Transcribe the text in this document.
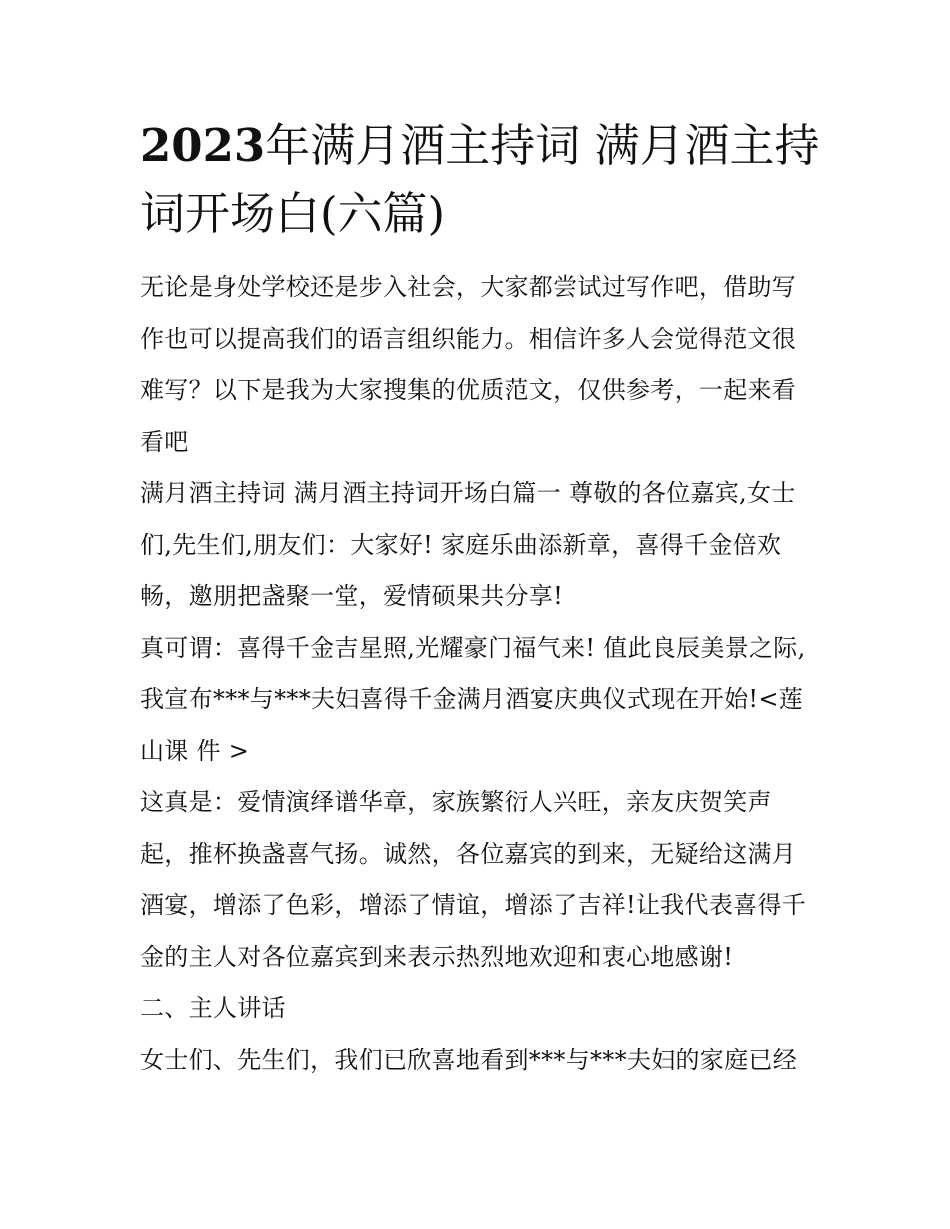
2023年满月酒主持词 满月酒主持词开场白(六篇)

无论是身处学校还是步入社会，大家都尝试过写作吧，借助写作也可以提高我们的语言组织能力。相信许多人会觉得范文很难写？以下是我为大家搜集的优质范文，仅供参考，一起来看看吧

满月酒主持词 满月酒主持词开场白篇一 尊敬的各位嘉宾,女士们,先生们,朋友们：大家好! 家庭乐曲添新章，喜得千金倍欢畅，邀朋把盏聚一堂，爱情硕果共分享!

真可谓：喜得千金吉星照,光耀豪门福气来! 值此良辰美景之际,我宣布***与***夫妇喜得千金满月酒宴庆典仪式现在开始!<莲山课 件 >

这真是：爱情演绎谱华章，家族繁衍人兴旺，亲友庆贺笑声起，推杯换盏喜气扬。诚然，各位嘉宾的到来，无疑给这满月酒宴，增添了色彩，增添了情谊，增添了吉祥!让我代表喜得千金的主人对各位嘉宾到来表示热烈地欢迎和衷心地感谢!

二、主人讲话

女士们、先生们，我们已欣喜地看到***与***夫妇的家庭已经
